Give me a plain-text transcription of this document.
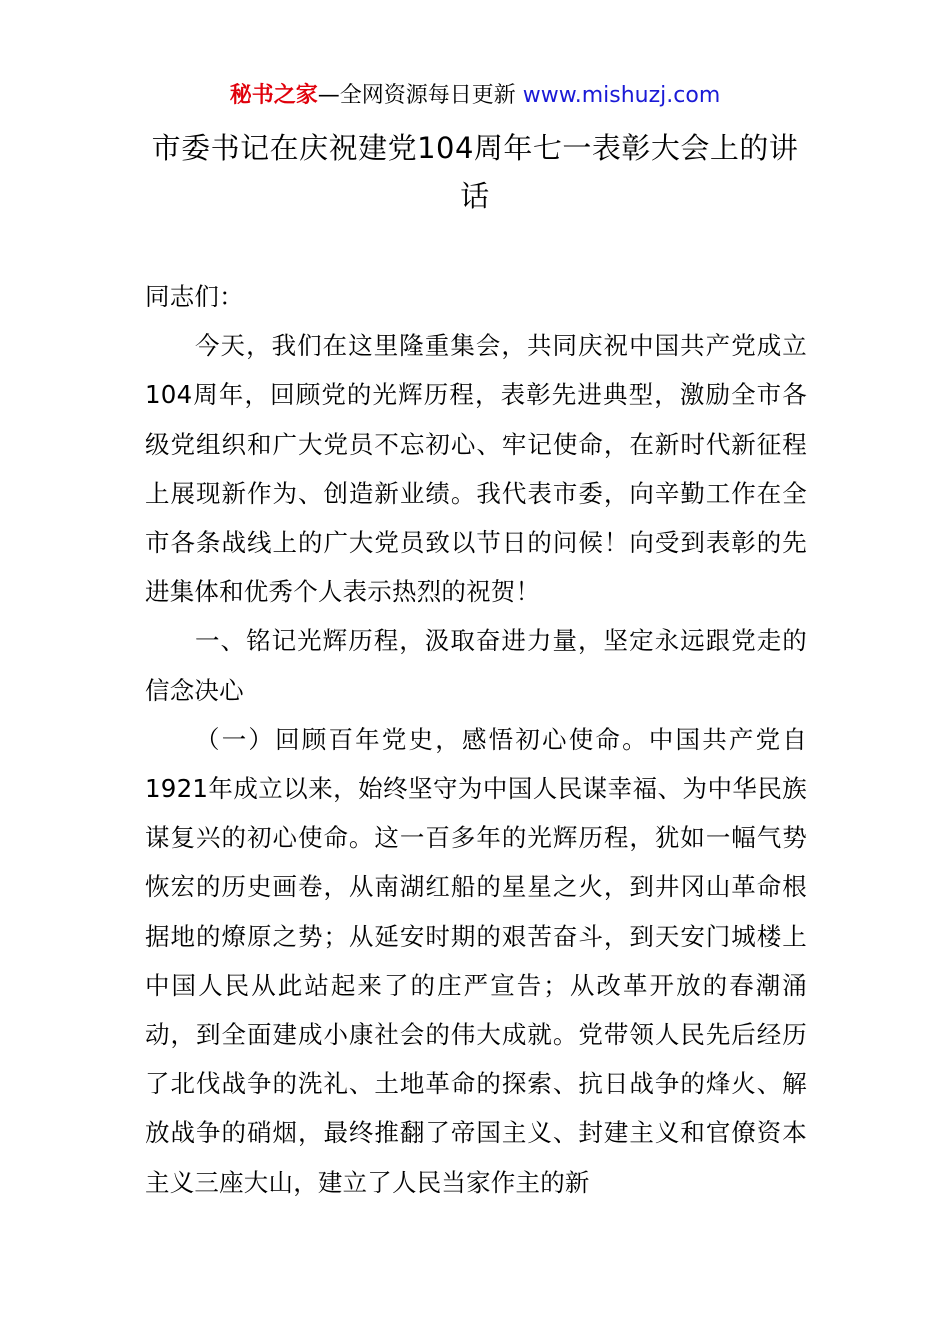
秘书之家—全网资源每日更新 www.mishuzj.com
市委书记在庆祝建党104周年七一表彰大会上的讲话

同志们：

今天，我们在这里隆重集会，共同庆祝中国共产党成立104周年，回顾党的光辉历程，表彰先进典型，激励全市各级党组织和广大党员不忘初心、牢记使命，在新时代新征程上展现新作为、创造新业绩。我代表市委，向辛勤工作在全市各条战线上的广大党员致以节日的问候！向受到表彰的先进集体和优秀个人表示热烈的祝贺！

一、铭记光辉历程，汲取奋进力量，坚定永远跟党走的信念决心

（一）回顾百年党史，感悟初心使命。中国共产党自1921年成立以来，始终坚守为中国人民谋幸福、为中华民族谋复兴的初心使命。这一百多年的光辉历程，犹如一幅气势恢宏的历史画卷，从南湖红船的星星之火，到井冈山革命根据地的燎原之势；从延安时期的艰苦奋斗，到天安门城楼上中国人民从此站起来了的庄严宣告；从改革开放的春潮涌动，到全面建成小康社会的伟大成就。党带领人民先后经历了北伐战争的洗礼、土地革命的探索、抗日战争的烽火、解放战争的硝烟，最终推翻了帝国主义、封建主义和官僚资本主义三座大山，建立了人民当家作主的新
